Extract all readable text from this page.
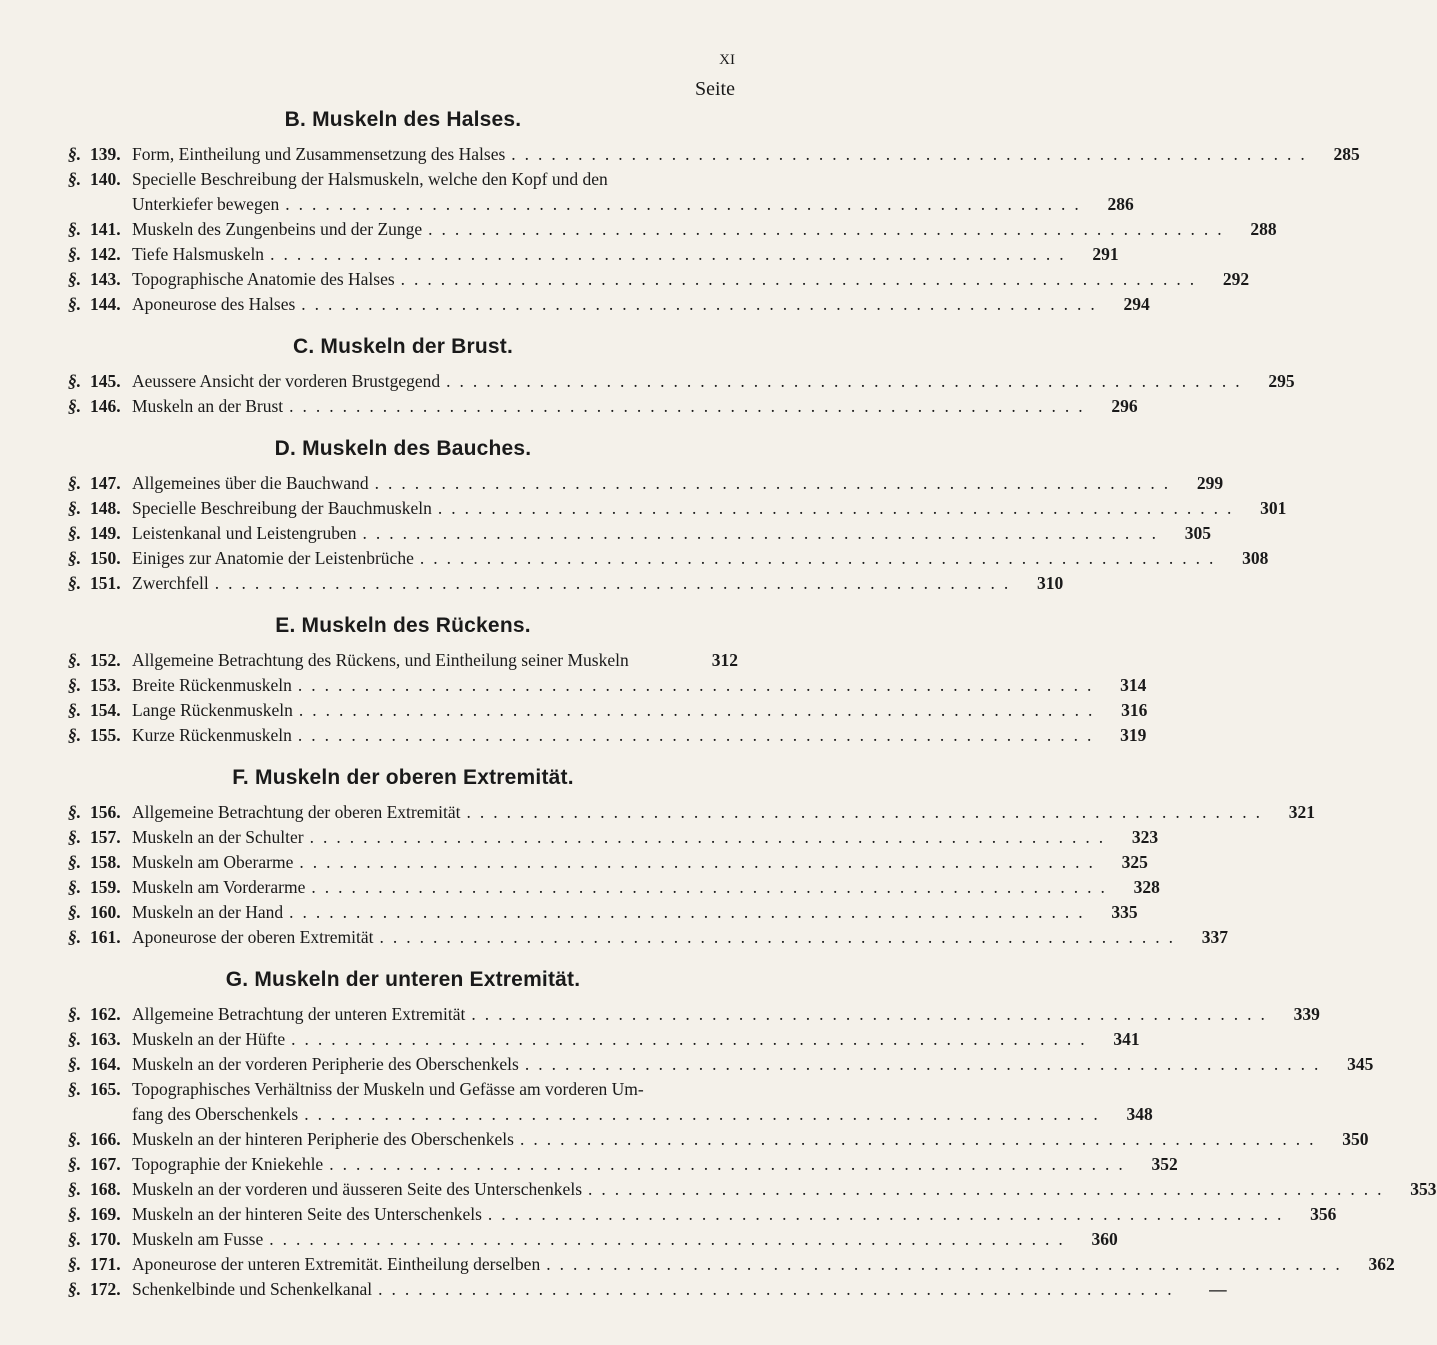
XI

Seite

B. Muskeln des Halses.
§. 139. Form, Eintheilung und Zusammensetzung des Halses ............................................................	285
§. 140. Specielle Beschreibung der Halsmuskeln, welche den Kopf und den
Unterkiefer bewegen ............................................................	286
§. 141. Muskeln des Zungenbeins und der Zunge ............................................................	288
§. 142. Tiefe Halsmuskeln ............................................................	291
§. 143. Topographische Anatomie des Halses ............................................................	292
§. 144. Aponeurose des Halses ............................................................	294
C. Muskeln der Brust.
§. 145. Aeussere Ansicht der vorderen Brustgegend ............................................................	295
§. 146. Muskeln an der Brust ............................................................	296
D. Muskeln des Bauches.
§. 147. Allgemeines über die Bauchwand ............................................................	299
§. 148. Specielle Beschreibung der Bauchmuskeln ............................................................	301
§. 149. Leistenkanal und Leistengruben ............................................................	305
§. 150. Einiges zur Anatomie der Leistenbrüche ............................................................	308
§. 151. Zwerchfell ............................................................	310
E. Muskeln des Rückens.
§. 152. Allgemeine Betrachtung des Rückens, und Eintheilung seiner Muskeln	312
§. 153. Breite Rückenmuskeln ............................................................	314
§. 154. Lange Rückenmuskeln ............................................................	316
§. 155. Kurze Rückenmuskeln ............................................................	319
F. Muskeln der oberen Extremität.
§. 156. Allgemeine Betrachtung der oberen Extremität ............................................................	321
§. 157. Muskeln an der Schulter ............................................................	323
§. 158. Muskeln am Oberarme ............................................................	325
§. 159. Muskeln am Vorderarme ............................................................	328
§. 160. Muskeln an der Hand ............................................................	335
§. 161. Aponeurose der oberen Extremität ............................................................	337
G. Muskeln der unteren Extremität.
§. 162. Allgemeine Betrachtung der unteren Extremität ............................................................	339
§. 163. Muskeln an der Hüfte ............................................................	341
§. 164. Muskeln an der vorderen Peripherie des Oberschenkels ............................................................	345
§. 165. Topographisches Verhältniss der Muskeln und Gefässe am vorderen Um-
fang des Oberschenkels ............................................................	348
§. 166. Muskeln an der hinteren Peripherie des Oberschenkels ............................................................	350
§. 167. Topographie der Kniekehle ............................................................	352
§. 168. Muskeln an der vorderen und äusseren Seite des Unterschenkels ............................................................	353
§. 169. Muskeln an der hinteren Seite des Unterschenkels ............................................................	356
§. 170. Muskeln am Fusse ............................................................	360
§. 171. Aponeurose der unteren Extremität. Eintheilung derselben ............................................................	362
§. 172. Schenkelbinde und Schenkelkanal ............................................................	—
